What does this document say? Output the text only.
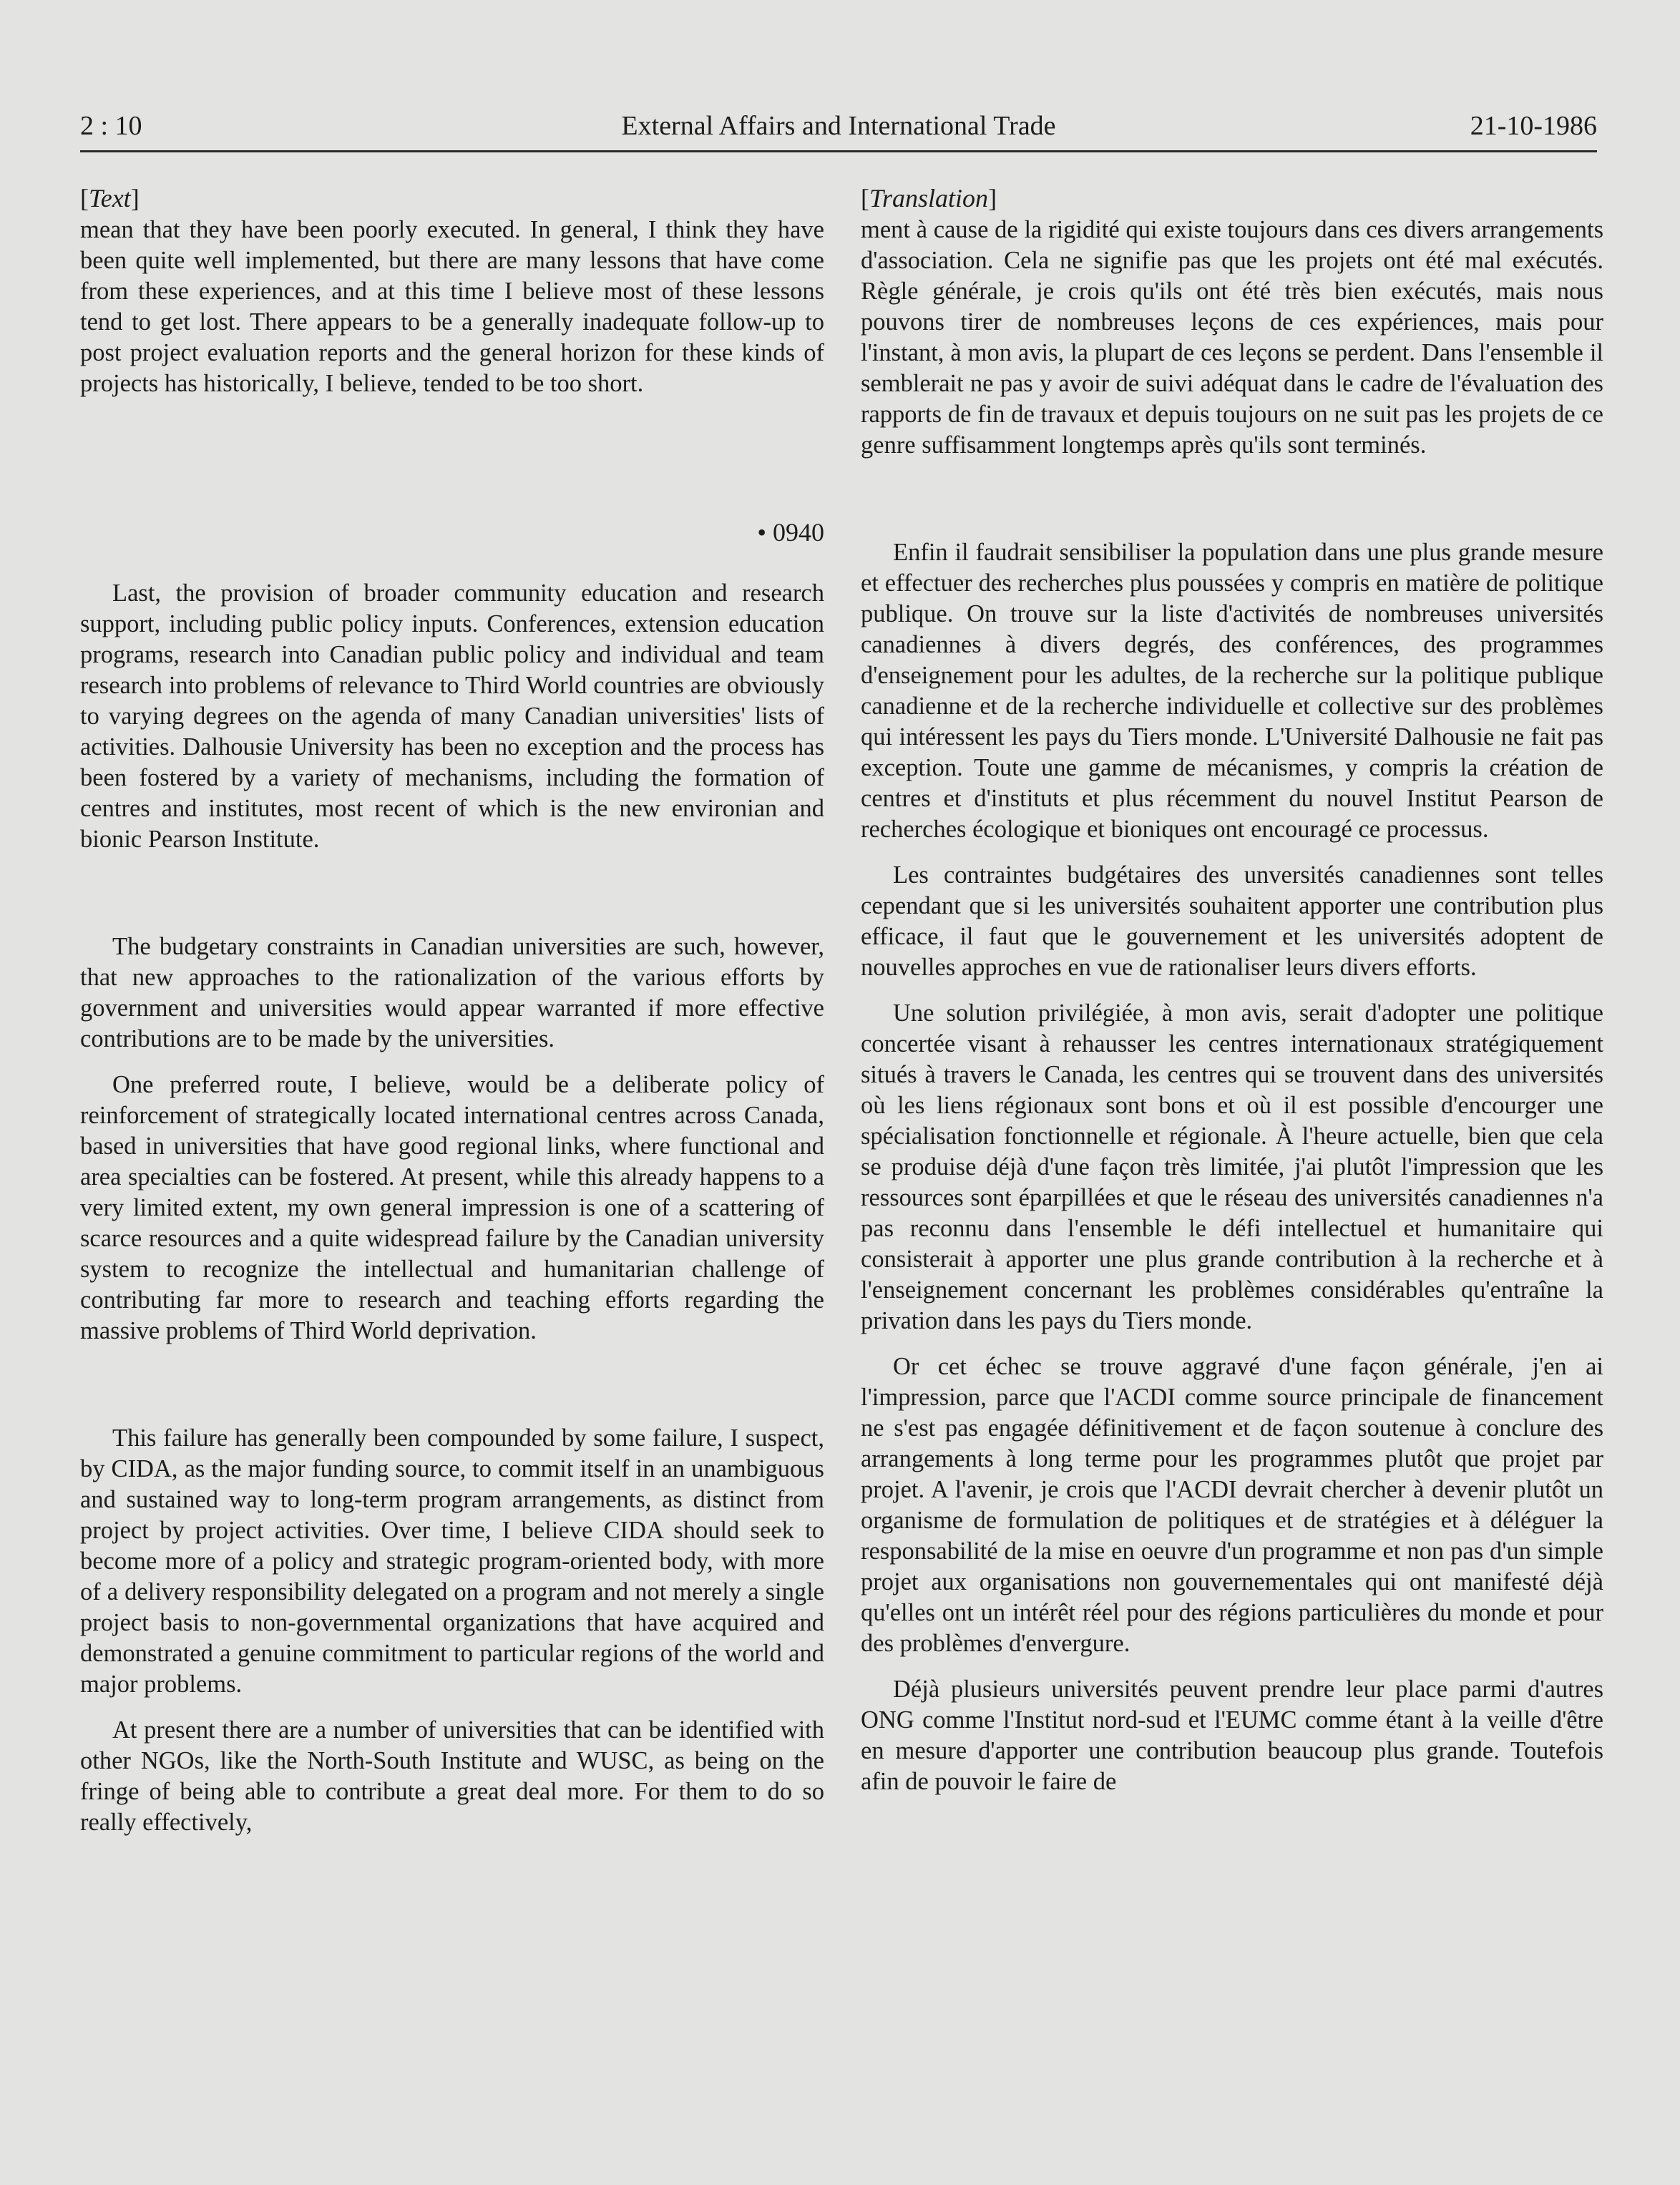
2 : 10	External Affairs and International Trade	21-10-1986
[Text]

mean that they have been poorly executed. In general, I think they have been quite well implemented, but there are many lessons that have come from these experiences, and at this time I believe most of these lessons tend to get lost. There appears to be a generally inadequate follow-up to post project evaluation reports and the general horizon for these kinds of projects has historically, I believe, tended to be too short.

• 0940

Last, the provision of broader community education and research support, including public policy inputs. Conferences, extension education programs, research into Canadian public policy and individual and team research into problems of relevance to Third World countries are obviously to varying degrees on the agenda of many Canadian universities' lists of activities. Dalhousie University has been no exception and the process has been fostered by a variety of mechanisms, including the formation of centres and institutes, most recent of which is the new environian and bionic Pearson Institute.

The budgetary constraints in Canadian universities are such, however, that new approaches to the rationalization of the various efforts by government and universities would appear warranted if more effective contributions are to be made by the universities.

One preferred route, I believe, would be a deliberate policy of reinforcement of strategically located international centres across Canada, based in universities that have good regional links, where functional and area specialties can be fostered. At present, while this already happens to a very limited extent, my own general impression is one of a scattering of scarce resources and a quite widespread failure by the Canadian university system to recognize the intellectual and humanitarian challenge of contributing far more to research and teaching efforts regarding the massive problems of Third World deprivation.

This failure has generally been compounded by some failure, I suspect, by CIDA, as the major funding source, to commit itself in an unambiguous and sustained way to long-term program arrangements, as distinct from project by project activities. Over time, I believe CIDA should seek to become more of a policy and strategic program-oriented body, with more of a delivery responsibility delegated on a program and not merely a single project basis to non-governmental organizations that have acquired and demonstrated a genuine commitment to particular regions of the world and major problems.

At present there are a number of universities that can be identified with other NGOs, like the North-South Institute and WUSC, as being on the fringe of being able to contribute a great deal more. For them to do so really effectively,

[Translation]

ment à cause de la rigidité qui existe toujours dans ces divers arrangements d'association. Cela ne signifie pas que les projets ont été mal exécutés. Règle générale, je crois qu'ils ont été très bien exécutés, mais nous pouvons tirer de nombreuses leçons de ces expériences, mais pour l'instant, à mon avis, la plupart de ces leçons se perdent. Dans l'ensemble il semblerait ne pas y avoir de suivi adéquat dans le cadre de l'évaluation des rapports de fin de travaux et depuis toujours on ne suit pas les projets de ce genre suffisamment longtemps après qu'ils sont terminés.

Enfin il faudrait sensibiliser la population dans une plus grande mesure et effectuer des recherches plus poussées y compris en matière de politique publique. On trouve sur la liste d'activités de nombreuses universités canadiennes à divers degrés, des conférences, des programmes d'enseignement pour les adultes, de la recherche sur la politique publique canadienne et de la recherche individuelle et collective sur des problèmes qui intéressent les pays du Tiers monde. L'Université Dalhousie ne fait pas exception. Toute une gamme de mécanismes, y compris la création de centres et d'instituts et plus récemment du nouvel Institut Pearson de recherches écologique et bioniques ont encouragé ce processus.

Les contraintes budgétaires des unversités canadiennes sont telles cependant que si les universités souhaitent apporter une contribution plus efficace, il faut que le gouvernement et les universités adoptent de nouvelles approches en vue de rationaliser leurs divers efforts.

Une solution privilégiée, à mon avis, serait d'adopter une politique concertée visant à rehausser les centres internationaux stratégiquement situés à travers le Canada, les centres qui se trouvent dans des universités où les liens régionaux sont bons et où il est possible d'encourger une spécialisation fonctionnelle et régionale. À l'heure actuelle, bien que cela se produise déjà d'une façon très limitée, j'ai plutôt l'impression que les ressources sont éparpillées et que le réseau des universités canadiennes n'a pas reconnu dans l'ensemble le défi intellectuel et humanitaire qui consisterait à apporter une plus grande contribution à la recherche et à l'enseignement concernant les problèmes considérables qu'entraîne la privation dans les pays du Tiers monde.

Or cet échec se trouve aggravé d'une façon générale, j'en ai l'impression, parce que l'ACDI comme source principale de financement ne s'est pas engagée définitivement et de façon soutenue à conclure des arrangements à long terme pour les programmes plutôt que projet par projet. A l'avenir, je crois que l'ACDI devrait chercher à devenir plutôt un organisme de formulation de politiques et de stratégies et à déléguer la responsabilité de la mise en oeuvre d'un programme et non pas d'un simple projet aux organisations non gouvernementales qui ont manifesté déjà qu'elles ont un intérêt réel pour des régions particulières du monde et pour des problèmes d'envergure.

Déjà plusieurs universités peuvent prendre leur place parmi d'autres ONG comme l'Institut nord-sud et l'EUMC comme étant à la veille d'être en mesure d'apporter une contribution beaucoup plus grande. Toutefois afin de pouvoir le faire de
